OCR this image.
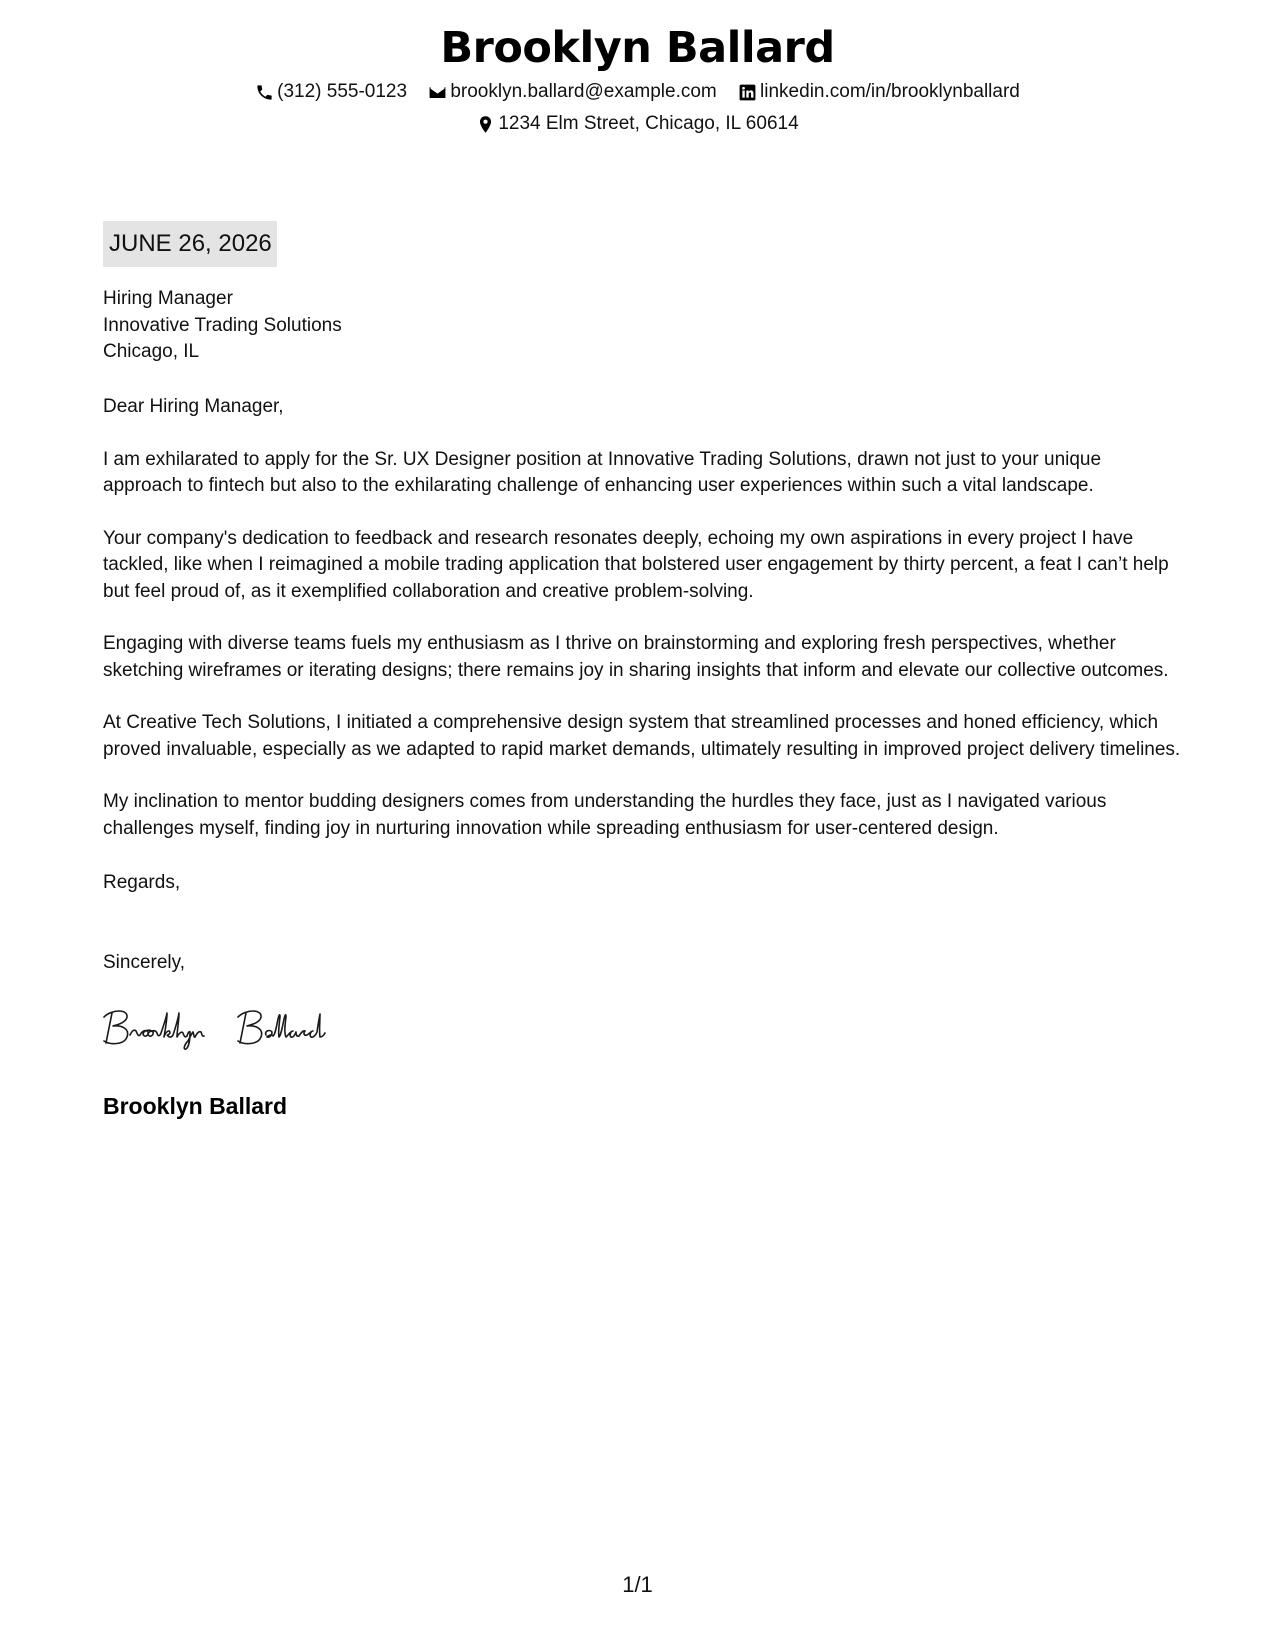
Brooklyn Ballard
(312) 555-0123
brooklyn.ballard@example.com
linkedin.com/in/brooklynballard
1234 Elm Street, Chicago, IL 60614
JUNE 26, 2026
Hiring Manager
Innovative Trading Solutions
Chicago, IL

Dear Hiring Manager,

I am exhilarated to apply for the Sr. UX Designer position at Innovative Trading Solutions, drawn not just to your unique approach to fintech but also to the exhilarating challenge of enhancing user experiences within such a vital landscape.

Your company's dedication to feedback and research resonates deeply, echoing my own aspirations in every project I have tackled, like when I reimagined a mobile trading application that bolstered user engagement by thirty percent, a feat I can’t help but feel proud of, as it exemplified collaboration and creative problem-solving.

Engaging with diverse teams fuels my enthusiasm as I thrive on brainstorming and exploring fresh perspectives, whether sketching wireframes or iterating designs; there remains joy in sharing insights that inform and elevate our collective outcomes.

At Creative Tech Solutions, I initiated a comprehensive design system that streamlined processes and honed efficiency, which proved invaluable, especially as we adapted to rapid market demands, ultimately resulting in improved project delivery timelines.

My inclination to mentor budding designers comes from understanding the hurdles they face, just as I navigated various challenges myself, finding joy in nurturing innovation while spreading enthusiasm for user-centered design.

Regards,
Sincerely,
Brooklyn Ballard
1/1
